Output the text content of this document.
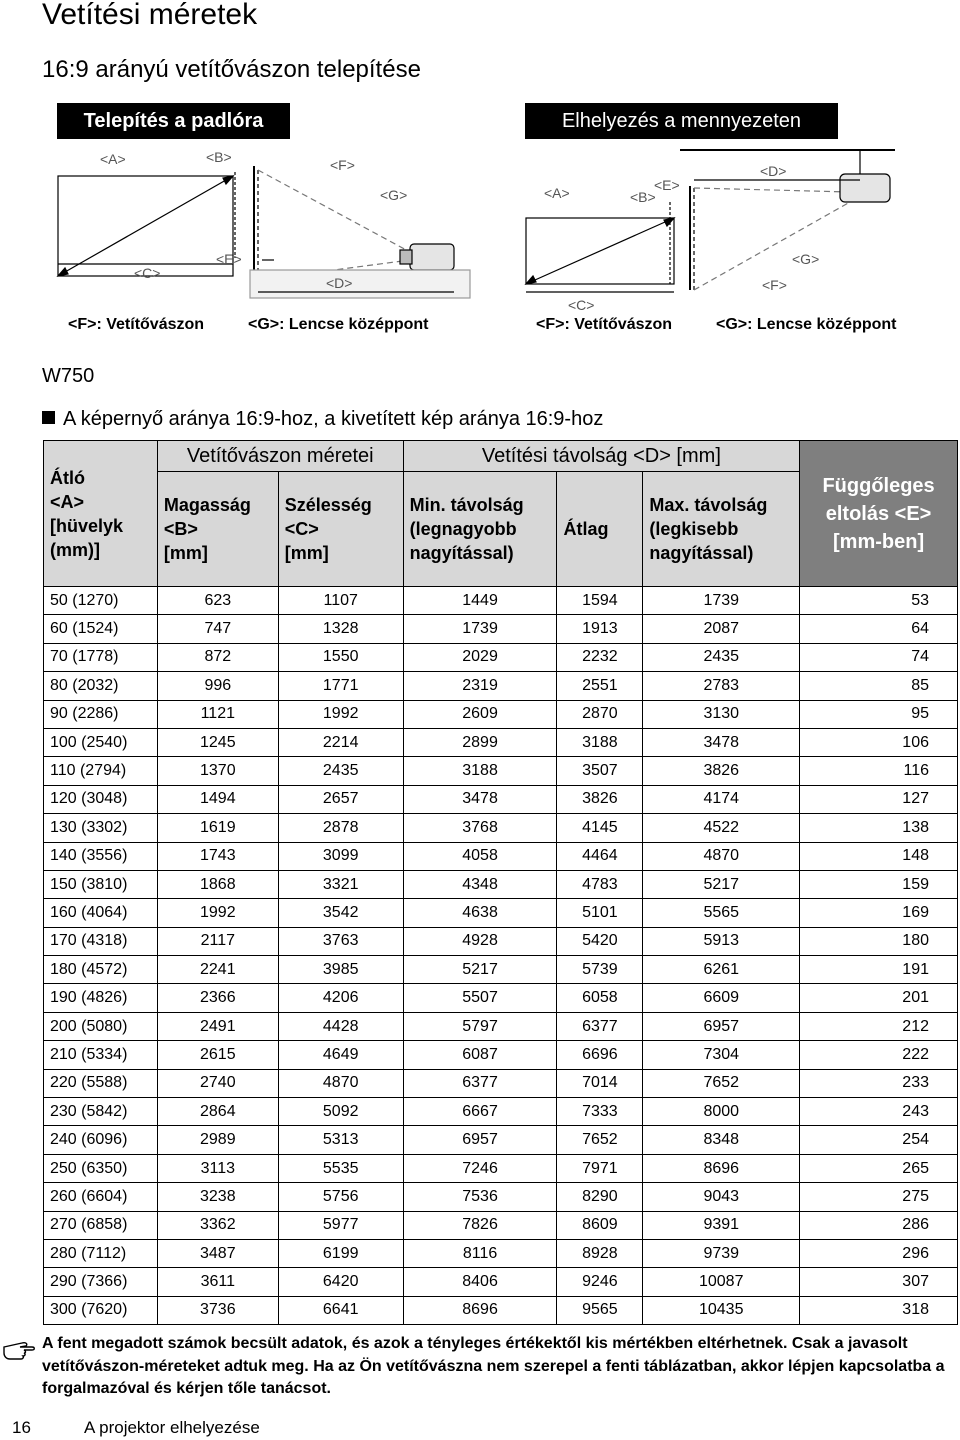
Vetítési méretek
16:9 arányú vetítővászon telepítése
Telepítés a padlóra	Elhelyezés a mennyezeten
<A>	<B>	<F>
<G>
<C>
<E>
<D>
<A>	<B>
<E>
<D>
<G>
<F>
<C>
<F>: Vetítővászon	<G>: Lencse középpont	<F>: Vetítővászon	<G>: Lencse középpont
W750
A képernyő aránya 16:9-hoz, a kivetített kép aránya 16:9-hoz
Átló
<A>
[hüvelyk
(mm)]	Vetítővászon méretei		Vetítési távolság <D> [mm]			Függőleges
eltolás <E>
[mm-ben]
	Magasság
<B>
[mm]	Szélesség
<C>
[mm]	Min. távolság
(legnagyobb
nagyítással)	Átlag	Max. távolság
(legkisebb
nagyítással)	
50 (1270)	623	1107	1449	1594	1739	53
60 (1524)	747	1328	1739	1913	2087	64
70 (1778)	872	1550	2029	2232	2435	74
80 (2032)	996	1771	2319	2551	2783	85
90 (2286)	1121	1992	2609	2870	3130	95
100 (2540)	1245	2214	2899	3188	3478	106
110 (2794)	1370	2435	3188	3507	3826	116
120 (3048)	1494	2657	3478	3826	4174	127
130 (3302)	1619	2878	3768	4145	4522	138
140 (3556)	1743	3099	4058	4464	4870	148
150 (3810)	1868	3321	4348	4783	5217	159
160 (4064)	1992	3542	4638	5101	5565	169
170 (4318)	2117	3763	4928	5420	5913	180
180 (4572)	2241	3985	5217	5739	6261	191
190 (4826)	2366	4206	5507	6058	6609	201
200 (5080)	2491	4428	5797	6377	6957	212
210 (5334)	2615	4649	6087	6696	7304	222
220 (5588)	2740	4870	6377	7014	7652	233
230 (5842)	2864	5092	6667	7333	8000	243
240 (6096)	2989	5313	6957	7652	8348	254
250 (6350)	3113	5535	7246	7971	8696	265
260 (6604)	3238	5756	7536	8290	9043	275
270 (6858)	3362	5977	7826	8609	9391	286
280 (7112)	3487	6199	8116	8928	9739	296
290 (7366)	3611	6420	8406	9246	10087	307
300 (7620)	3736	6641	8696	9565	10435	318
A fent megadott számok becsült adatok, és azok a tényleges értékektől kis mértékben eltérhetnek. Csak a javasolt vetítővászon-méreteket adtuk meg. Ha az Ön vetítővászna nem szerepel a fenti táblázatban, akkor lépjen kapcsolatba a forgalmazóval és kérjen tőle tanácsot.
16	A projektor elhelyezése
